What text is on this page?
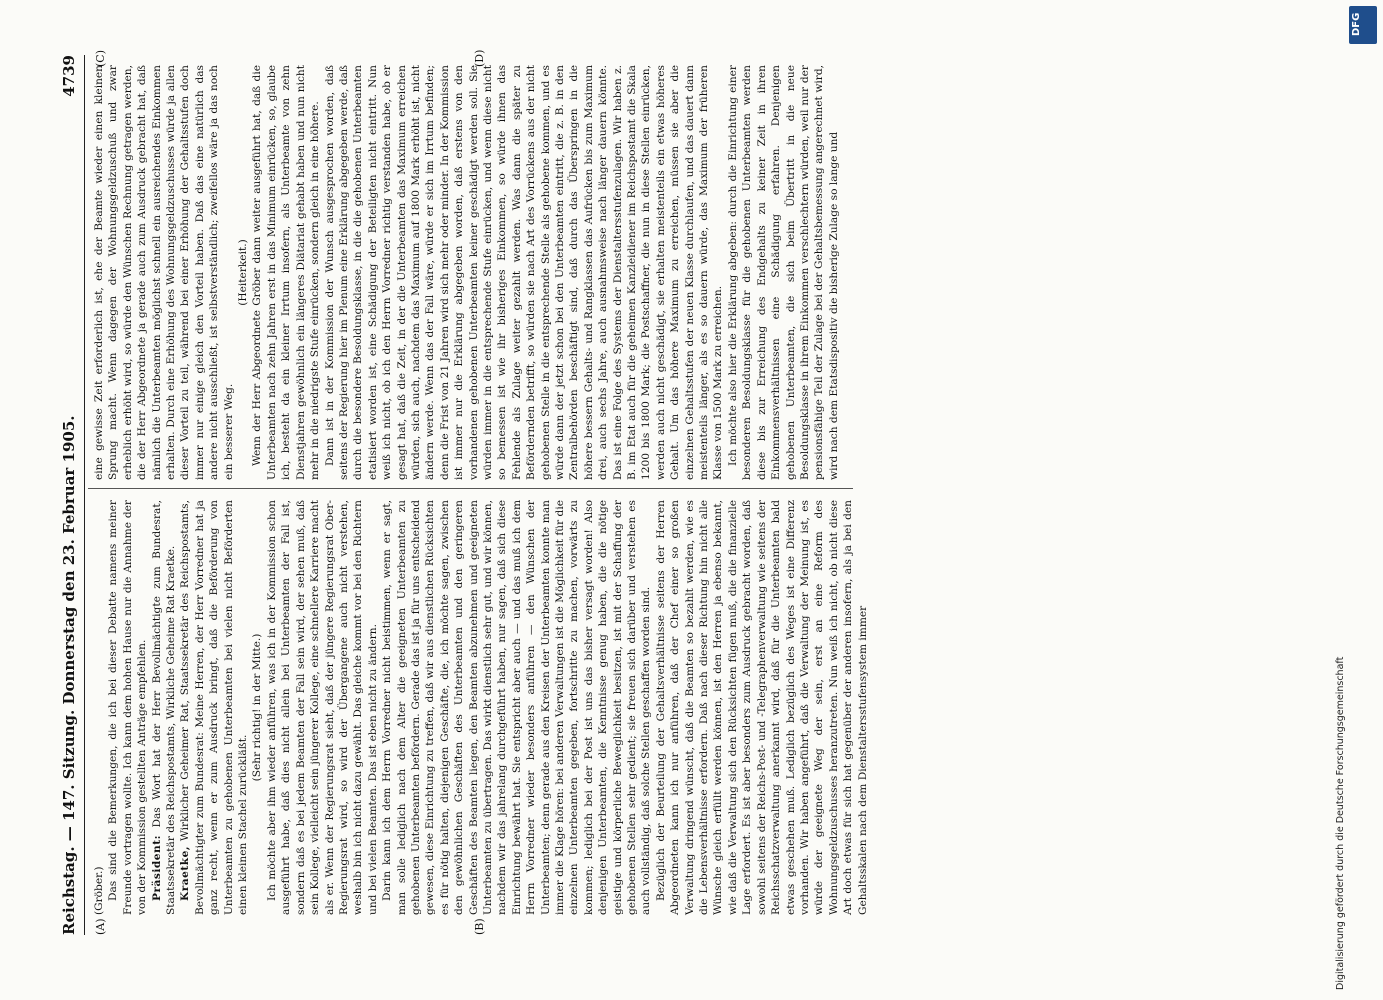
Reichstag. — 147. Sitzung. Donnerstag den 23. Februar 1905.
4739
(A)	(B)
(C)	(D)

(Gröber.) Das sind die Bemerkungen, die ich bei dieser Debatte namens meiner Freunde vortragen wollte. Ich kann dem hohen Hause nur die Annahme der von der Kommission gestellten Anträge empfehlen. Präsident: Das Wort hat der Herr Bevollmächtigte zum Bundesrat, Staatssekretär des Reichspostamts, Wirkliche Geheime Rat Kraetke. Kraetke, Wirklicher Geheimer Rat, Staatssekretär des Reichspostamts, Bevollmächtigter zum Bundesrat: Meine Herren, der Herr Vorredner hat ja ganz recht, wenn er zum Ausdruck bringt, daß die Beförderung von Unterbeamten zu gehobenen Unterbeamten bei vielen nicht Beförderten einen kleinen Stachel zurückläßt.

(Sehr richtig! in der Mitte.) Ich möchte aber ihm wieder anführen, was ich in der Kommission schon ausgeführt habe, daß dies nicht allein bei Unterbeamten der Fall ist, sondern daß es bei jedem Beamten der Fall sein wird, der sehen muß, daß sein Kollege, vielleicht sein jüngerer Kollege, eine schnellere Karriere macht als er. Wenn der Regierungsrat sieht, daß der jüngere Regierungsrat Ober-Regierungsrat wird, so wird der Übergangene auch nicht verstehen, weshalb bin ich nicht dazu gewählt. Das gleiche kommt vor bei den Richtern und bei vielen Beamten. Das ist eben nicht zu ändern. Darin kann ich dem Herrn Vorredner nicht beistimmen, wenn er sagt, man solle lediglich nach dem Alter die geeigneten Unterbeamten zu gehobenen Unterbeamten befördern. Gerade das ist ja für uns entscheidend gewesen, diese Einrichtung zu treffen, daß wir aus dienstlichen Rücksichten es für nötig halten, diejenigen Geschäfte, die, ich möchte sagen, zwischen den gewöhnlichen Geschäften des Unterbeamten und den geringeren Geschäften des Beamten liegen, den Beamten abzunehmen und geeigneten Unterbeamten zu übertragen. Das wirkt dienstlich sehr gut, und wir können, nachdem wir das jahrelang durchgeführt haben, nur sagen, daß sich diese Einrichtung bewährt hat. Sie entspricht aber auch — und das muß ich dem Herrn Vorredner wieder besonders anführen — den Wünschen der Unterbeamten; denn gerade aus den Kreisen der Unterbeamten konnte man immer die Klage hören: bei anderen Verwaltungen ist die Möglichkeit für die einzelnen Unterbeamten gegeben, fortschritte zu machen, vorwärts zu kommen; lediglich bei der Post ist uns das bisher versagt worden! Also denjenigen Unterbeamten, die Kenntnisse genug haben, die die nötige geistige und körperliche Beweglichkeit besitzen, ist mit der Schaffung der gehobenen Stellen sehr gedient; sie freuen sich darüber und verstehen es auch vollständig, daß solche Stellen geschaffen worden sind. Bezüglich der Beurteilung der Gehaltsverhältnisse seitens der Herren Abgeordneten kann ich nur anführen, daß der Chef einer so großen Verwaltung dringend wünscht, daß die Beamten so bezahlt werden, wie es die Lebensverhältnisse erfordern. Daß nach dieser Richtung hin nicht alle Wünsche gleich erfüllt werden können, ist den Herren ja ebenso bekannt, wie daß die Verwaltung sich den Rücksichten fügen muß, die die finanzielle Lage erfordert. Es ist aber besonders zum Ausdruck gebracht worden, daß sowohl seitens der Reichs-Post- und -Telegraphenverwaltung wie seitens der Reichsschatzverwaltung anerkannt wird, daß für die Unterbeamten bald etwas geschehen muß. Lediglich bezüglich des Weges ist eine Differenz vorhanden. Wir haben angeführt, daß die Verwaltung der Meinung ist, es würde der geeignete Weg der sein, erst an eine Reform des Wohnungsgeldzuschusses heranzutreten. Nun weiß ich nicht, ob nicht diese Art doch etwas für sich hat gegenüber der anderen insofern, als ja bei den Gehaltsskalen nach dem Dienstaltersstufensystem immer

eine gewisse Zeit erforderlich ist, ehe der Beamte wieder einen kleinen Sprung macht. Wenn dagegen der Wohnungsgeldzuschuß und zwar erheblich erhöht wird, so würde den Wünschen Rechnung getragen werden, die der Herr Abgeordnete ja gerade auch zum Ausdruck gebracht hat, daß nämlich die Unterbeamten möglichst schnell ein ausreichendes Einkommen erhalten. Durch eine Erhöhung des Wohnungsgeldzuschusses würde ja allen dieser Vorteil zu teil, während bei einer Erhöhung der Gehaltsstufen doch immer nur einige gleich den Vorteil haben. Daß das eine natürlich das andere nicht ausschließt, ist selbstverständlich; zweifellos wäre ja das noch ein besserer Weg.

(Heiterkeit.) Wenn der Herr Abgeordnete Gröber dann weiter ausgeführt hat, daß die Unterbeamten nach zehn Jahren erst in das Minimum einrücken, so, glaube ich, besteht da ein kleiner Irrtum insofern, als Unterbeamte von zehn Dienstjahren gewöhnlich ein längeres Diätariat gehabt haben und nun nicht mehr in die niedrigste Stufe einrücken, sondern gleich in eine höhere. Dann ist in der Kommission der Wunsch ausgesprochen worden, daß seitens der Regierung hier im Plenum eine Erklärung abgegeben werde, daß durch die besondere Besoldungsklasse, in die die gehobenen Unterbeamten etatisiert worden ist, eine Schädigung der Beteiligten nicht eintritt. Nun weiß ich nicht, ob ich den Herrn Vorredner richtig verstanden habe, ob er gesagt hat, daß die Zeit, in der die Unterbeamten das Maximum erreichen würden, sich auch, nachdem das Maximum auf 1800 Mark erhöht ist, nicht ändern werde. Wenn das der Fall wäre, würde er sich im Irrtum befinden; denn die Frist von 21 Jahren wird sich mehr oder minder. In der Kommission ist immer nur die Erklärung abgegeben worden, daß erstens von den vorhandenen gehobenen Unterbeamten keiner geschädigt werden soll. Sie würden immer in die entsprechende Stufe einrücken, und wenn diese nicht so bemessen ist wie ihr bisheriges Einkommen, so würde ihnen das Fehlende als Zulage weiter gezahlt werden. Was dann die später zu Befördernden betrifft, so würden sie nach Art des Vorrückens aus der nicht gehobenen Stelle in die entsprechende Stelle als gehobene kommen, und es würde dann der jetzt schon bei den Unterbeamten eintritt, die z. B. in den Zentralbehörden beschäftigt sind, daß durch das Überspringen in die höhere bessern Gehalts- und Rangklassen das Aufrücken bis zum Maximum drei, auch sechs Jahre, auch ausnahmsweise nach länger dauern könnte. Das ist eine Folge des Systems der Dienstaltersstufenzulagen. Wir haben z. B. im Etat auch für die geheimen Kanzleidiener im Reichspostamt die Skala 1200 bis 1800 Mark; die Postschaffner, die nun in diese Stellen einrücken, werden auch nicht geschädigt, sie erhalten meistenteils ein etwas höheres Gehalt. Um das höhere Maximum zu erreichen, müssen sie aber die einzelnen Gehaltsstufen der neuen Klasse durchlaufen, und das dauert dann meistenteils länger, als es so dauern würde, das Maximum der früheren Klasse von 1500 Mark zu erreichen. Ich möchte also hier die Erklärung abgeben: durch die Einrichtung einer besonderen Besoldungsklasse für die gehobenen Unterbeamten werden diese bis zur Erreichung des Endgehalts zu keiner Zeit in ihren Einkommensverhältnissen eine Schädigung erfahren. Denjenigen gehobenen Unterbeamten, die sich beim Übertritt in die neue Besoldungsklasse in ihrem Einkommen verschlechtern würden, weil nur der pensionsfähige Teil der Zulage bei der Gehaltsbemessung angerechnet wird, wird nach dem Etatsdispositiv die bisherige Zulage so lange und

Digitalisierung gefördert durch die Deutsche Forschungsgemeinschaft
DFG
